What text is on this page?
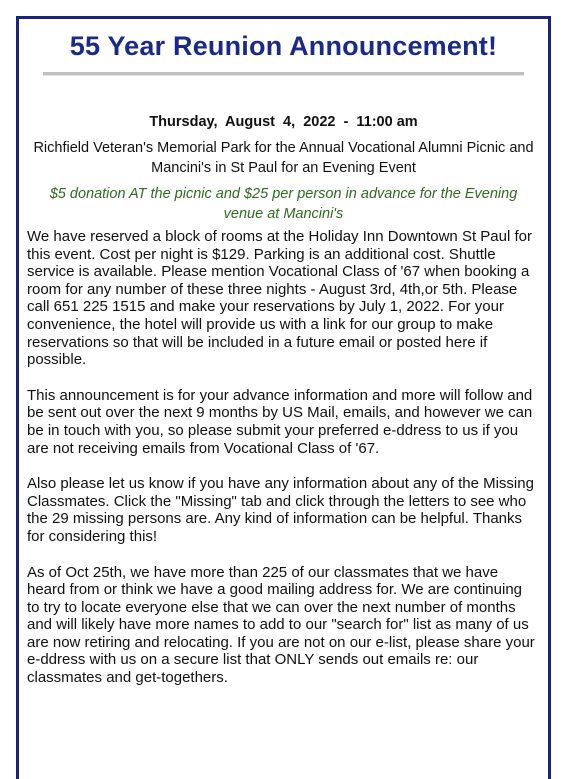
55 Year Reunion Announcement!
Thursday,  August  4,  2022  -  11:00 am
Richfield Veteran's Memorial Park for the Annual Vocational Alumni Picnic and Mancini's in St Paul for an Evening Event
$5 donation AT the picnic and $25 per person in advance for the Evening venue at Mancini's

We have reserved a block of rooms at the Holiday Inn Downtown St Paul for this event. Cost per night is $129. Parking is an additional cost. Shuttle service is available. Please mention Vocational Class of '67 when booking a room for any number of these three nights - August 3rd, 4th,or 5th. Please call 651 225 1515 and make your reservations by July 1, 2022. For your convenience, the hotel will provide us with a link for our group to make reservations so that will be included in a future email or posted here if possible.

This announcement is for your advance information and more will follow and be sent out over the next 9 months by US Mail, emails, and however we can be in touch with you, so please submit your preferred e-ddress to us if you are not receiving emails from Vocational Class of '67.

Also please let us know if you have any information about any of the Missing Classmates. Click the "Missing" tab and click through the letters to see who the 29 missing persons are. Any kind of information can be helpful. Thanks for considering this!

As of Oct 25th, we have more than 225 of our classmates that we have heard from or think we have a good mailing address for. We are continuing to try to locate everyone else that we can over the next number of months and will likely have more names to add to our "search for" list as many of us are now retiring and relocating. If you are not on our e-list, please share your e-ddress with us on a secure list that ONLY sends out emails re: our classmates and get-togethers.
